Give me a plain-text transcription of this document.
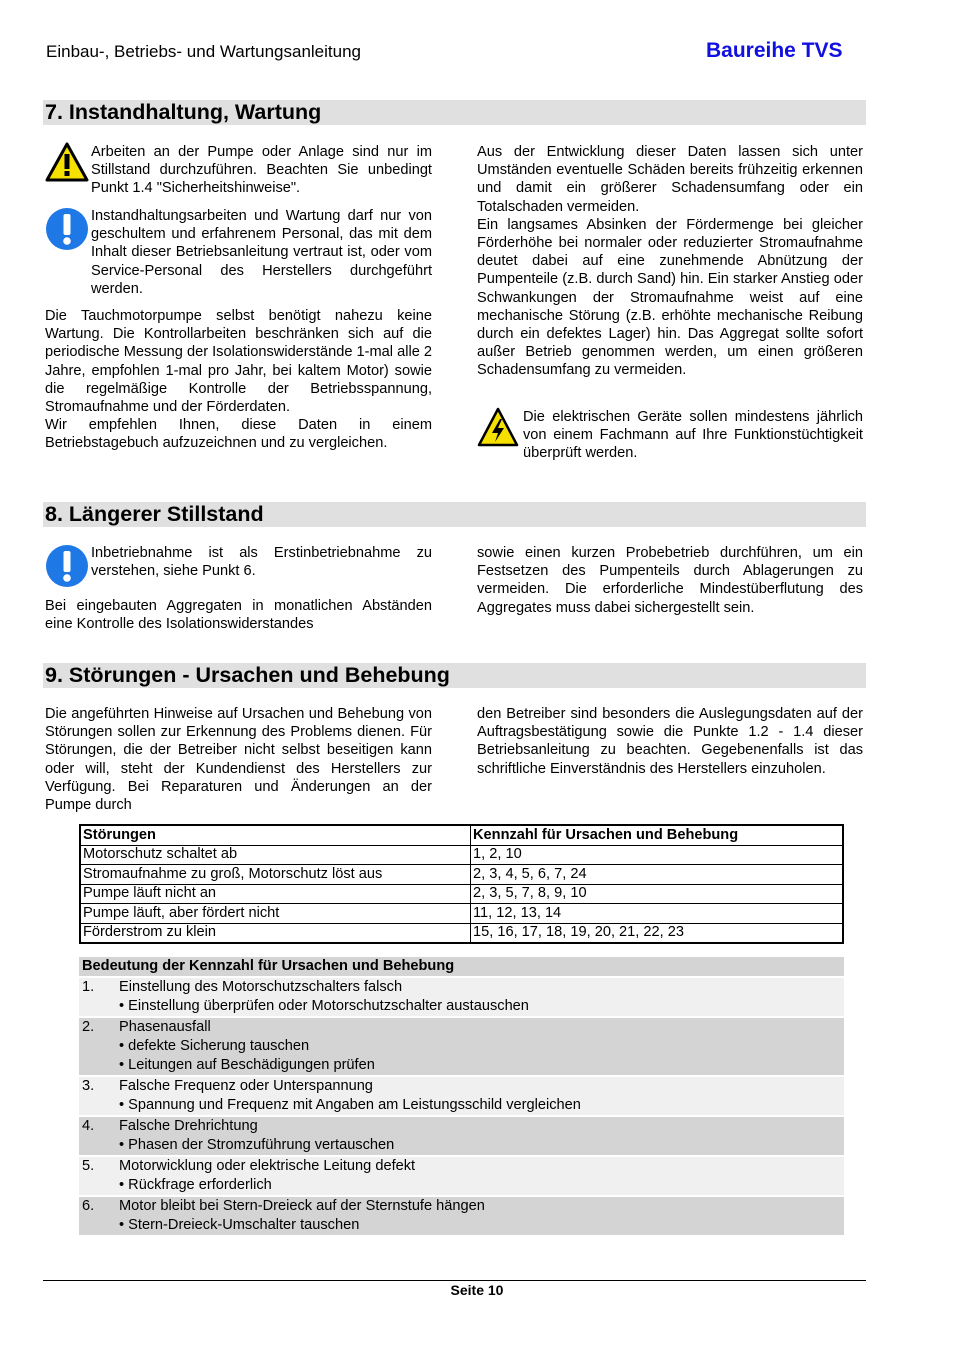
Einbau-, Betriebs- und Wartungsanleitung	Baureihe TVS
7. Instandhaltung, Wartung

Arbeiten an der Pumpe oder Anlage sind nur im Stillstand durchzuführen. Beachten Sie unbedingt Punkt 1.4 "Sicherheitshinweise".

Instandhaltungsarbeiten und Wartung darf nur von geschultem und erfahrenem Personal, das mit dem Inhalt dieser Betriebsanleitung vertraut ist, oder vom Service-Personal des Herstellers durchgeführt werden.

Die Tauchmotorpumpe selbst benötigt nahezu keine Wartung. Die Kontrollarbeiten beschränken sich auf die periodische Messung der Isolationswiderstände 1-mal alle 2 Jahre, empfohlen 1-mal pro Jahr, bei kaltem Motor) sowie die regelmäßige Kontrolle der Betriebsspannung, Stromaufnahme und der Förderdaten.

Wir empfehlen Ihnen, diese Daten in einem Betriebstagebuch aufzuzeichnen und zu vergleichen.

Aus der Entwicklung dieser Daten lassen sich unter Umständen eventuelle Schäden bereits frühzeitig erkennen und damit ein größerer Schadensumfang oder ein Totalschaden vermeiden.

Ein langsames Absinken der Fördermenge bei gleicher Förderhöhe bei normaler oder reduzierter Stromaufnahme deutet dabei auf eine zunehmende Abnützung der Pumpenteile (z.B. durch Sand) hin. Ein starker Anstieg oder Schwankungen der Stromaufnahme weist auf eine mechanische Störung (z.B. erhöhte mechanische Reibung durch ein defektes Lager) hin. Das Aggregat sollte sofort außer Betrieb genommen werden, um einen größeren Schadensumfang zu vermeiden.

Die elektrischen Geräte sollen mindestens jährlich von einem Fachmann auf Ihre Funktionstüchtigkeit überprüft werden.

8. Längerer Stillstand

Inbetriebnahme ist als Erstinbetriebnahme zu verstehen, siehe Punkt 6.

Bei eingebauten Aggregaten in monatlichen Abständen eine Kontrolle des Isolationswiderstandes

sowie einen kurzen Probebetrieb durchführen, um ein Festsetzen des Pumpenteils durch Ablagerungen zu vermeiden. Die erforderliche Mindestüberflutung des Aggregates muss dabei sichergestellt sein.

9. Störungen - Ursachen und Behebung

Die angeführten Hinweise auf Ursachen und Behebung von Störungen sollen zur Erkennung des Problems dienen. Für Störungen, die der Betreiber nicht selbst beseitigen kann oder will, steht der Kundendienst des Herstellers zur Verfügung. Bei Reparaturen und Änderungen an der Pumpe durch

den Betreiber sind besonders die Auslegungsdaten auf der Auftragsbestätigung sowie die Punkte 1.2 - 1.4 dieser Betriebsanleitung zu beachten. Gegebenenfalls ist das schriftliche Einverständnis des Herstellers einzuholen.

Störungen	Kennzahl für Ursachen und Behebung
Motorschutz schaltet ab	1, 2, 10
Stromaufnahme zu groß, Motorschutz löst aus	2, 3, 4, 5, 6, 7, 24
Pumpe läuft nicht an	2, 3, 5, 7, 8, 9, 10
Pumpe läuft, aber fördert nicht	11, 12, 13, 14
Förderstrom zu klein	15, 16, 17, 18, 19, 20, 21, 22, 23
Bedeutung der Kennzahl für Ursachen und Behebung
1.	Einstellung des Motorschutzschalters falsch
• Einstellung überprüfen oder Motorschutzschalter austauschen
2.	Phasenausfall
• defekte Sicherung tauschen
• Leitungen auf Beschädigungen prüfen
3.	Falsche Frequenz oder Unterspannung
• Spannung und Frequenz mit Angaben am Leistungsschild vergleichen
4.	Falsche Drehrichtung
• Phasen der Stromzuführung vertauschen
5.	Motorwicklung oder elektrische Leitung defekt
• Rückfrage erforderlich
6.	Motor bleibt bei Stern-Dreieck auf der Sternstufe hängen
• Stern-Dreieck-Umschalter tauschen
Seite 10
